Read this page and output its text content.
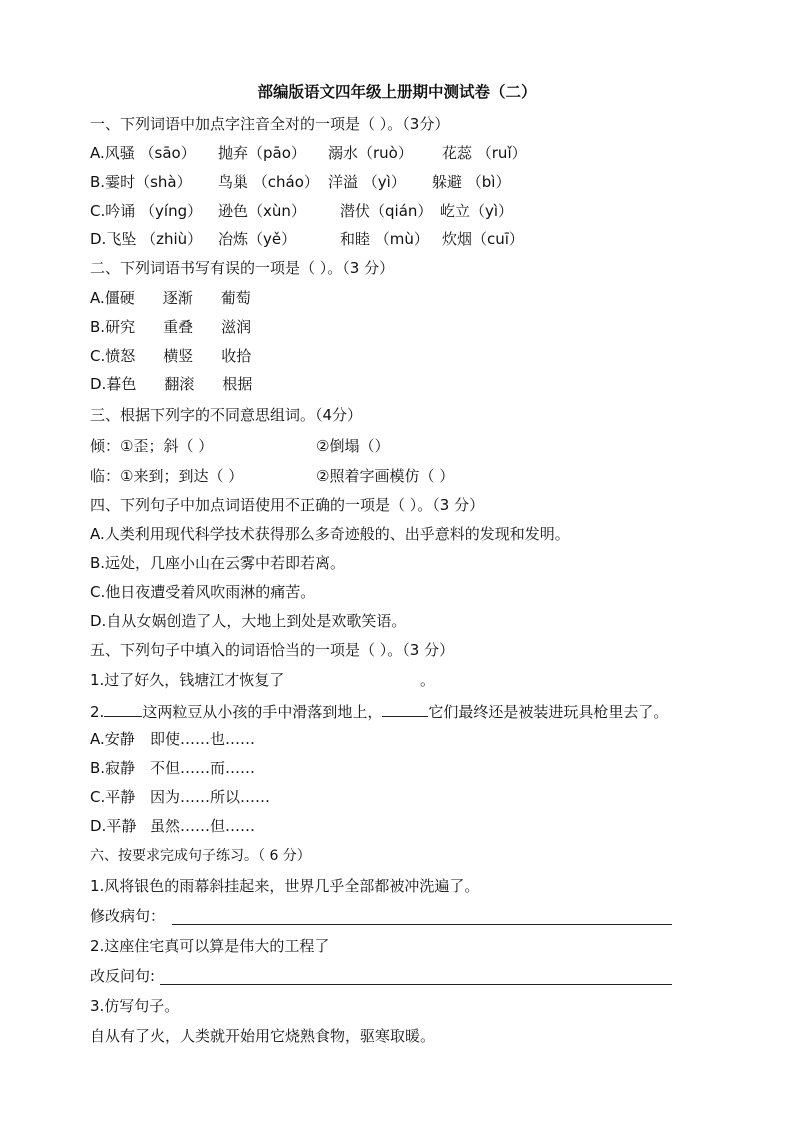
部编版语文四年级上册期中测试卷（二）
一、下列词语中加点字注音全对的一项是（ ）。（3分）
A.风骚 （sāo） 抛弃（pāo） 溺水（ruò） 花蕊 （ruǐ）
B.霎时（shà） 鸟巢 （cháo） 洋溢 （yì） 躲避 （bì）
C.吟诵 （yíng） 逊色（xùn） 潜伏（qián） 屹立（yì）
D.飞坠 （zhiù） 冶炼（yě）	和睦 （mù） 炊烟（cuī）
二、下列词语书写有误的一项是（ ）。（3 分）
A.僵硬 逐渐 葡萄
B.研究 重叠 滋润
C.愤怒 横竖 收拾
D.暮色 翻滚 根据
三、根据下列字的不同意思组词。（4分）
倾：①歪；斜（ ）	②倒塌（）
临：①来到；到达（ ）	②照着字画模仿（ ）
四、下列句子中加点词语使用不正确的一项是（ ）。（3 分）
A.人类利用现代科学技术获得那么多奇迹般的、出乎意料的发现和发明。
B.远处，几座小山在云雾中若即若离。
C.他日夜遭受着风吹雨淋的痛苦。
D.自从女娲创造了人，大地上到处是欢歌笑语。
五、下列句子中填入的词语恰当的一项是（ ）。（3 分）
1.过了好久，钱塘江才恢复了	。
2.	这两粒豆从小孩的手中滑落到地上，	它们最终还是被装进玩具枪里去了。
A.安静 即使……也……
B.寂静 不但……而……
C.平静 因为……所以……
D.平静 虽然……但……
六、按要求完成句子练习。（ 6 分）
1.风将银色的雨幕斜挂起来，世界几乎全部都被冲洗遍了。
修改病句：
2.这座住宅真可以算是伟大的工程了
改反问句:
3.仿写句子。
自从有了火，人类就开始用它烧熟食物，驱寒取暖。
